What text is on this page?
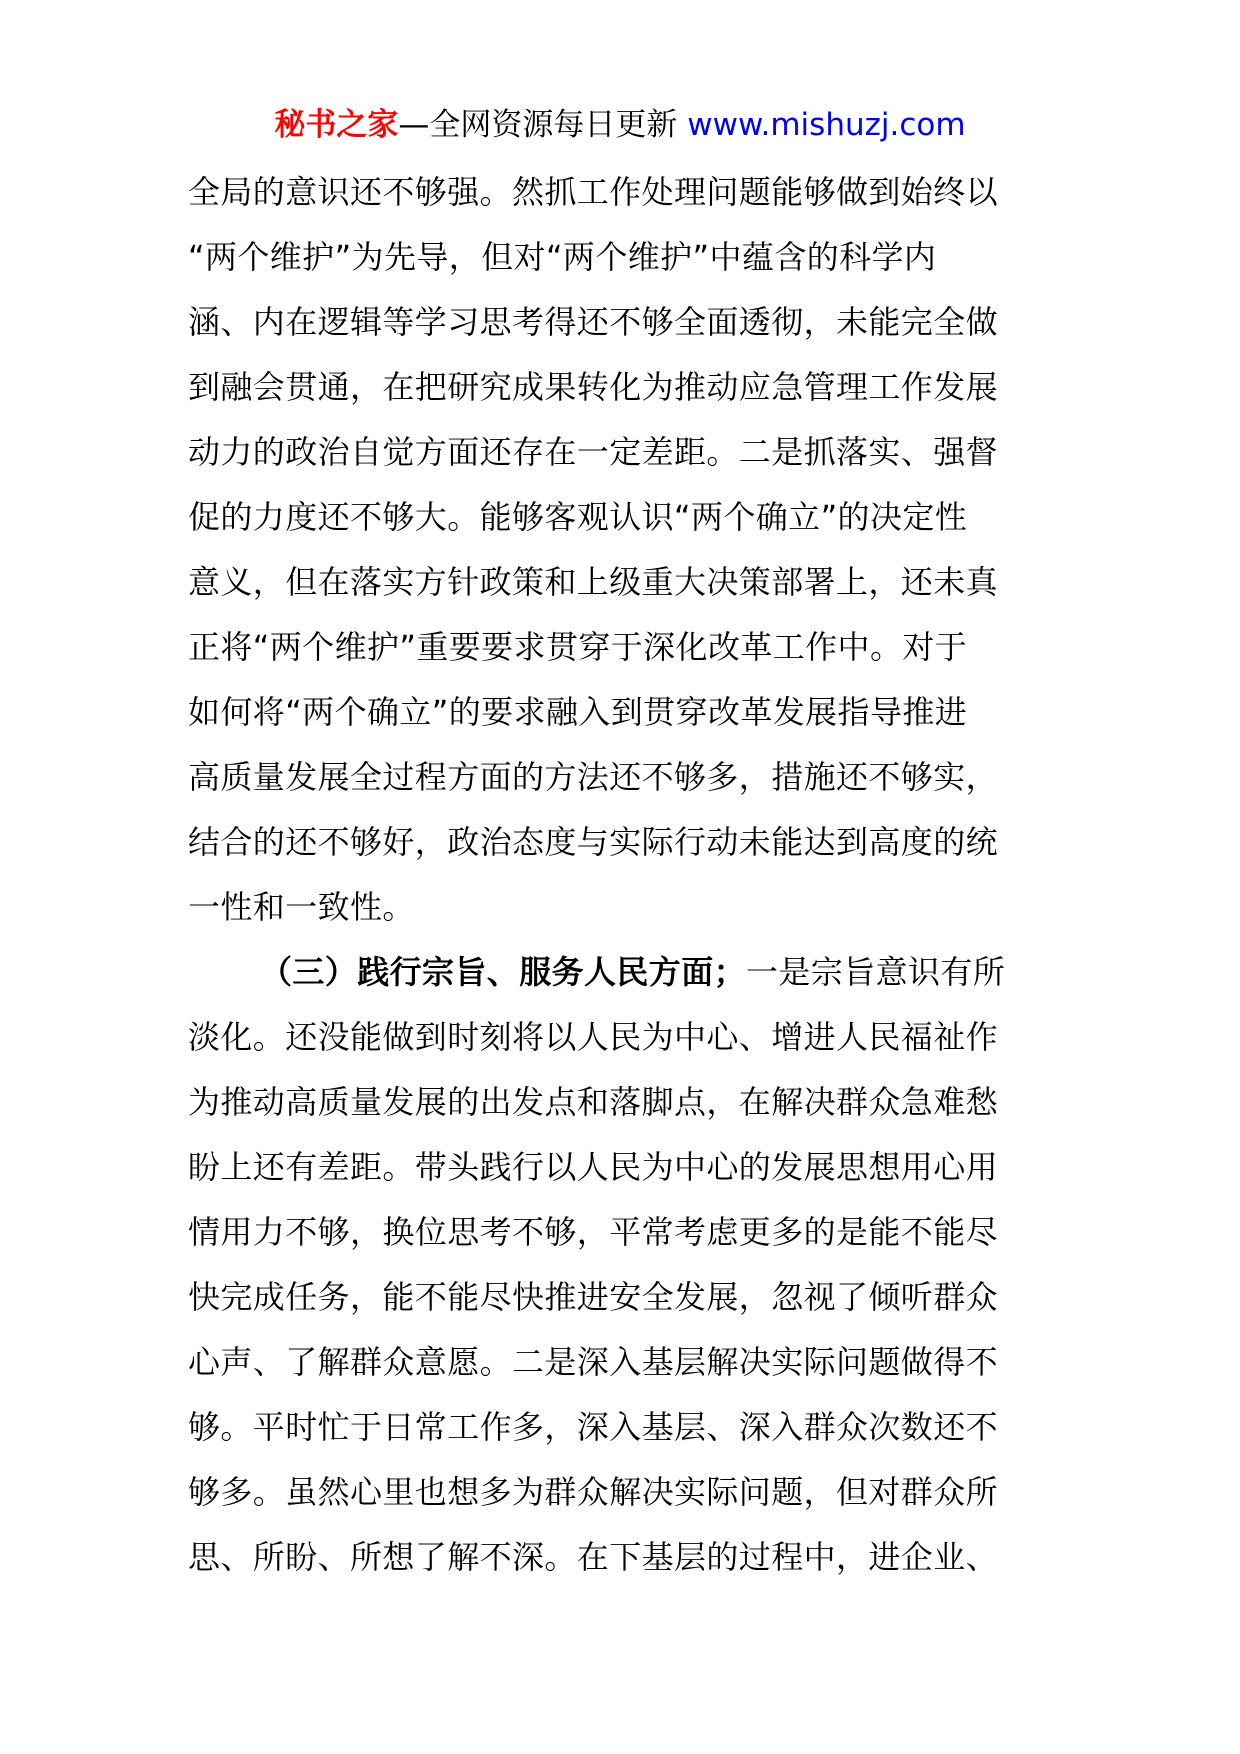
秘书之家—全网资源每日更新 www.mishuzj.com
全局的意识还不够强。然抓工作处理问题能够做到始终以
“两个维护”为先导，但对“两个维护”中蕴含的科学内
涵、内在逻辑等学习思考得还不够全面透彻，未能完全做
到融会贯通，在把研究成果转化为推动应急管理工作发展
动力的政治自觉方面还存在一定差距。二是抓落实、强督
促的力度还不够大。能够客观认识“两个确立”的决定性
意义，但在落实方针政策和上级重大决策部署上，还未真
正将“两个维护”重要要求贯穿于深化改革工作中。对于
如何将“两个确立”的要求融入到贯穿改革发展指导推进
高质量发展全过程方面的方法还不够多，措施还不够实，
结合的还不够好，政治态度与实际行动未能达到高度的统
一性和一致性。
（三）践行宗旨、服务人民方面；一是宗旨意识有所
淡化。还没能做到时刻将以人民为中心、增进人民福祉作
为推动高质量发展的出发点和落脚点，在解决群众急难愁
盼上还有差距。带头践行以人民为中心的发展思想用心用
情用力不够，换位思考不够，平常考虑更多的是能不能尽
快完成任务，能不能尽快推进安全发展，忽视了倾听群众
心声、了解群众意愿。二是深入基层解决实际问题做得不
够。平时忙于日常工作多，深入基层、深入群众次数还不
够多。虽然心里也想多为群众解决实际问题，但对群众所
思、所盼、所想了解不深。在下基层的过程中，进企业、
